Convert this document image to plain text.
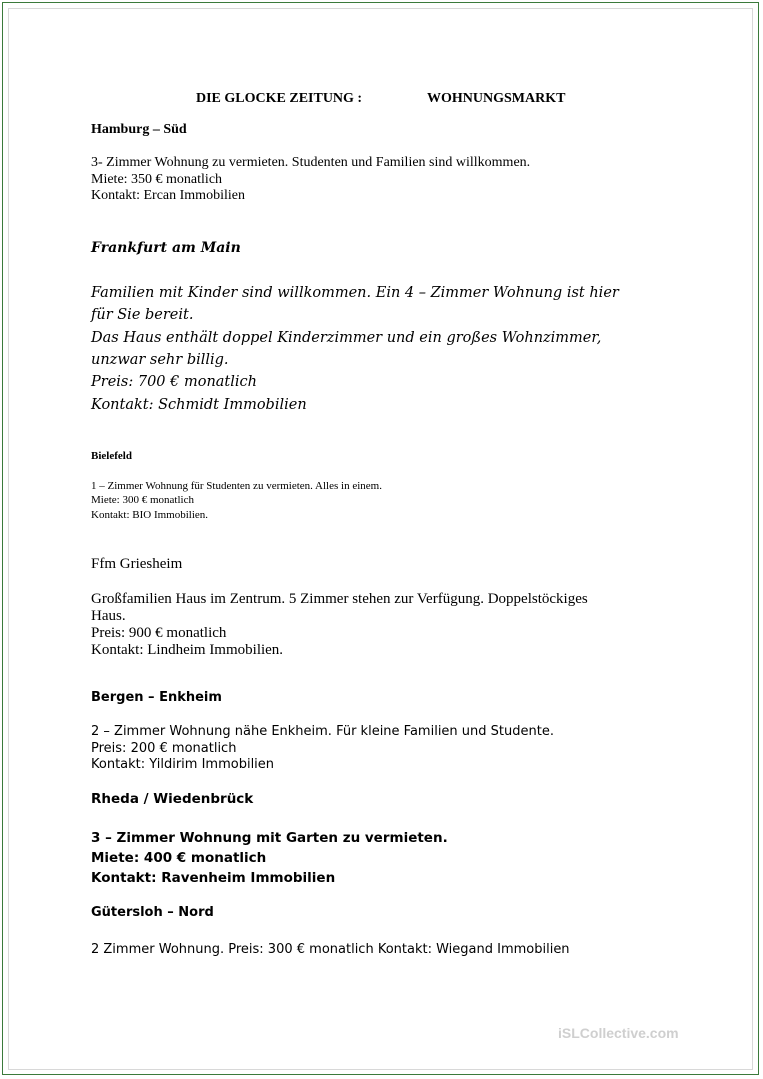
DIE GLOCKE ZEITUNG :	WOHNUNGSMARKT
Hamburg – Süd
3- Zimmer Wohnung zu vermieten. Studenten und Familien sind willkommen.
Miete: 350 € monatlich
Kontakt: Ercan Immobilien
Frankfurt am Main
Familien mit Kinder sind willkommen. Ein 4 – Zimmer Wohnung ist hier
für Sie bereit.
Das Haus enthält doppel Kinderzimmer und ein großes Wohnzimmer,
unzwar sehr billig.
Preis: 700 € monatlich
Kontakt: Schmidt Immobilien
Bielefeld
1 – Zimmer Wohnung für Studenten zu vermieten. Alles in einem.
Miete: 300 € monatlich
Kontakt: BIO Immobilien.
Ffm Griesheim
Großfamilien Haus im Zentrum. 5 Zimmer stehen zur Verfügung. Doppelstöckiges
Haus.
Preis: 900 € monatlich
Kontakt: Lindheim Immobilien.
Bergen – Enkheim
2 – Zimmer Wohnung nähe Enkheim. Für kleine Familien und Studente.
Preis: 200 € monatlich
Kontakt: Yildirim Immobilien
Rheda / Wiedenbrück
3 – Zimmer Wohnung mit Garten zu vermieten.
Miete: 400 € monatlich
Kontakt: Ravenheim Immobilien
Gütersloh – Nord
2 Zimmer Wohnung. Preis: 300 € monatlich Kontakt: Wiegand Immobilien
iSLCollective.com
